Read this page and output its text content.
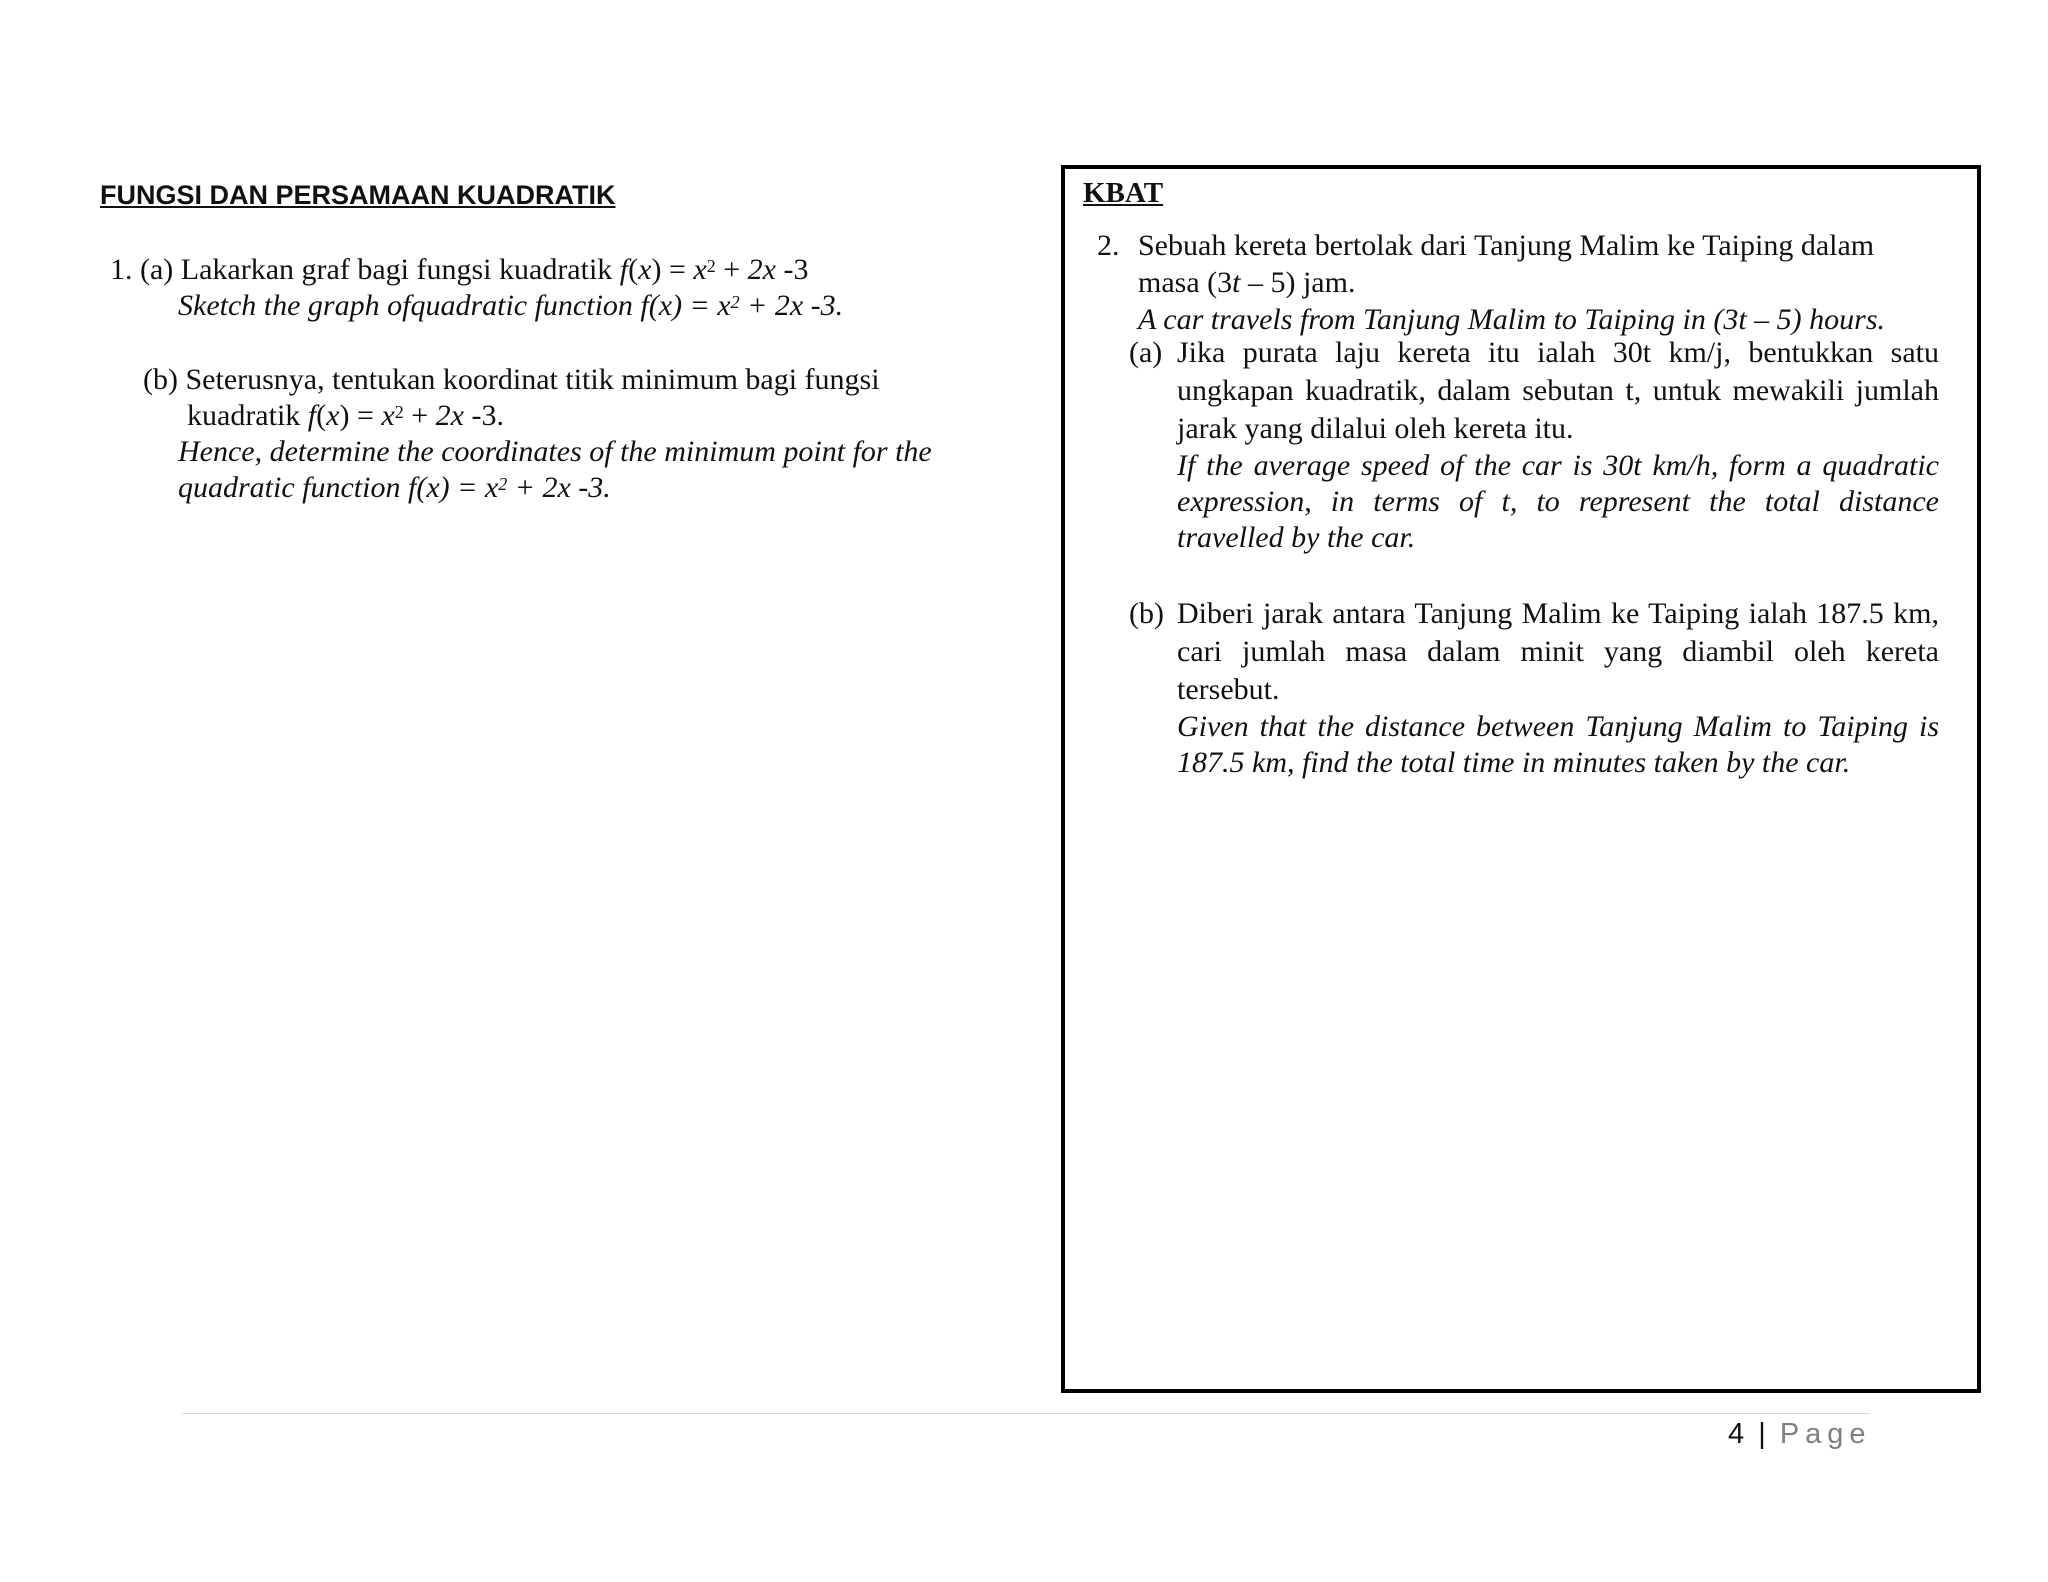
FUNGSI DAN PERSAMAAN KUADRATIK
1. (a) Lakarkan graf bagi fungsi kuadratik $f(x) = x^2 + 2x$ -3
Sketch the graph ofquadratic function $f(x) = x^2 + 2x$ -3.
(b) Seterusnya, tentukan koordinat titik minimum bagi fungsi
kuadratik $f(x) = x^2 + 2x$ -3.
Hence, determine the coordinates of the minimum point for the
quadratic function $f(x) = x^2 + 2x$ -3.
KBAT
2. Sebuah kereta bertolak dari Tanjung Malim ke Taiping dalam
masa (3t – 5) jam.
A car travels from Tanjung Malim to Taiping in (3t – 5) hours.
(a) Jika purata laju kereta itu ialah 30t km/j, bentukkan satu
ungkapan kuadratik, dalam sebutan t, untuk mewakili jumlah
jarak yang dilalui oleh kereta itu.
If the average speed of the car is 30t km/h, form a quadratic
expression, in terms of t, to represent the total distance
travelled by the car.
(b) Diberi jarak antara Tanjung Malim ke Taiping ialah 187.5 km,
cari jumlah masa dalam minit yang diambil oleh kereta
tersebut.
Given that the distance between Tanjung Malim to Taiping is
187.5 km, find the total time in minutes taken by the car.
4 | Page
